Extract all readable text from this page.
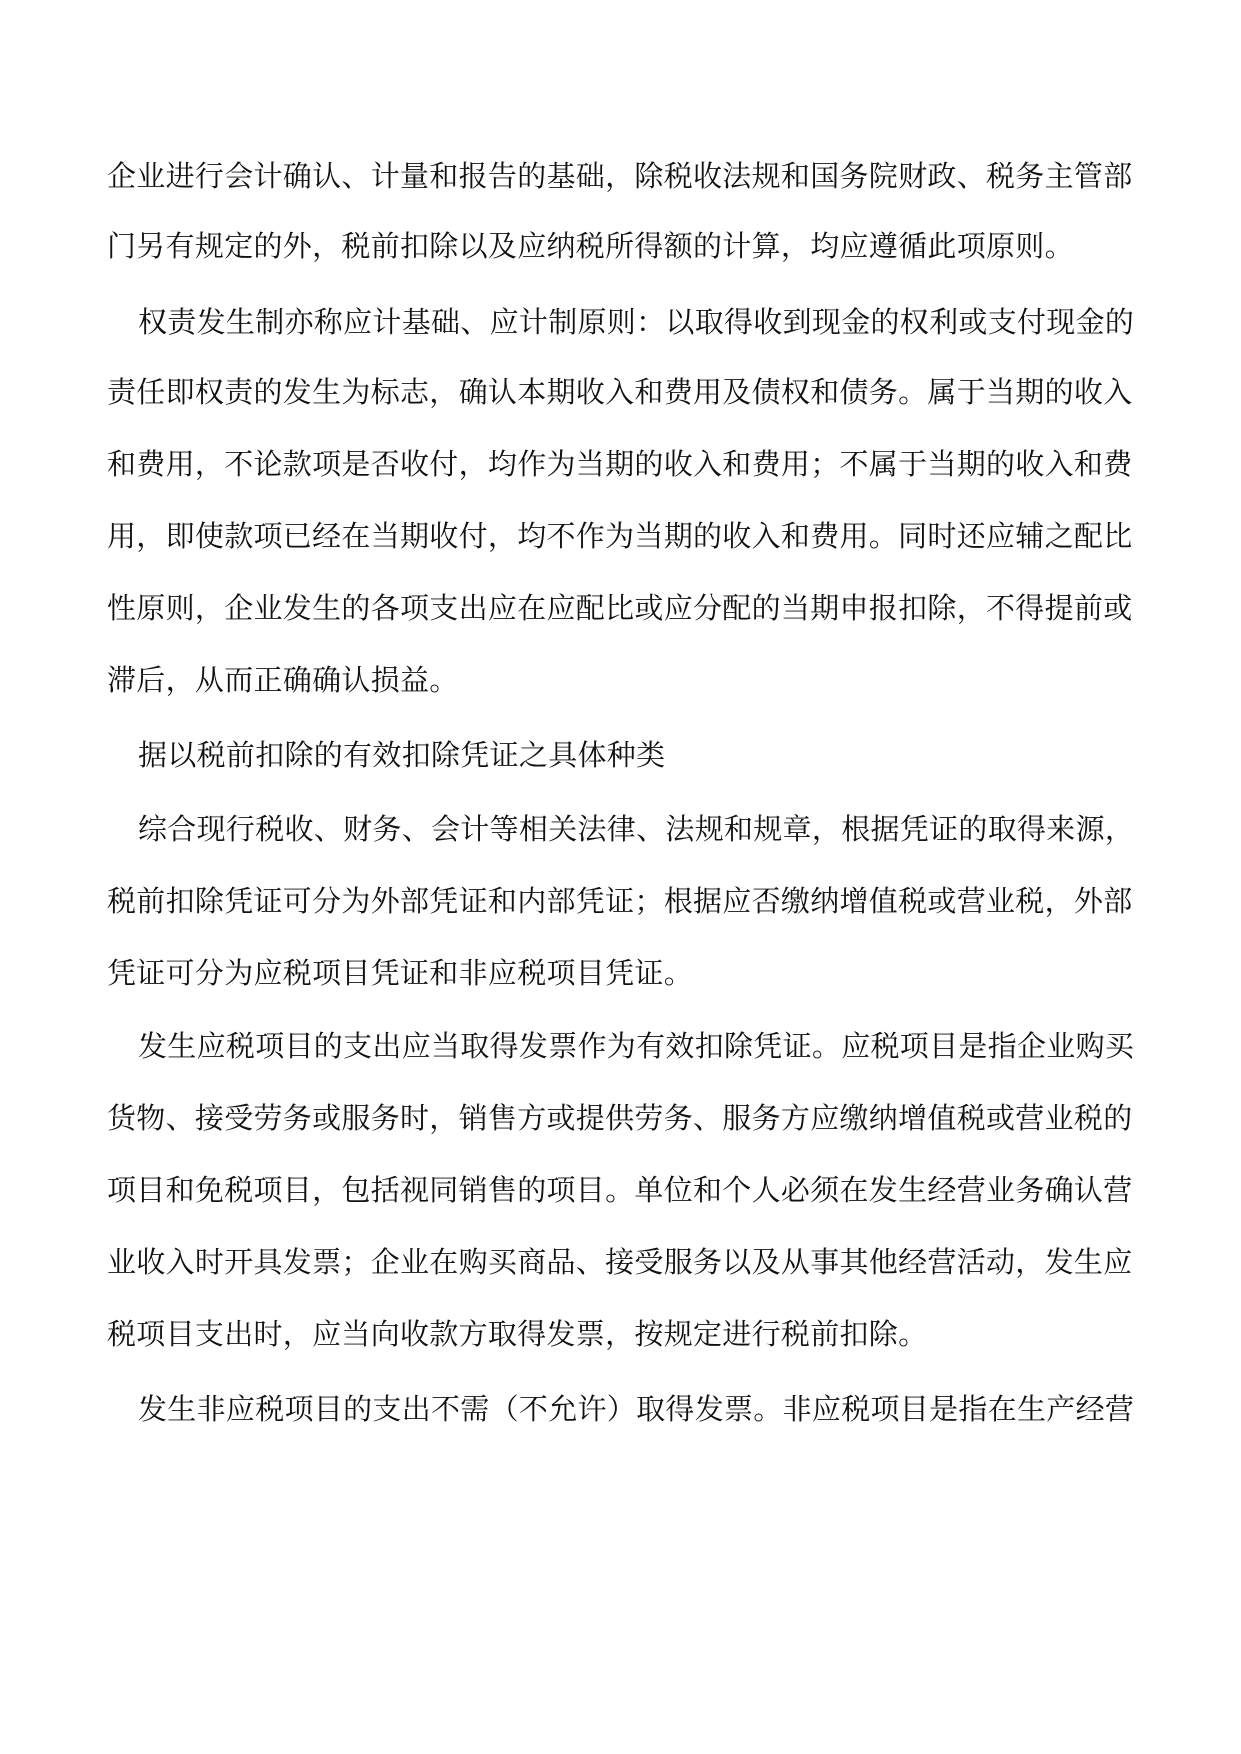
企业进行会计确认、计量和报告的基础，除税收法规和国务院财政、税务主管部
门另有规定的外，税前扣除以及应纳税所得额的计算，均应遵循此项原则。
权责发生制亦称应计基础、应计制原则：以取得收到现金的权利或支付现金的
责任即权责的发生为标志，确认本期收入和费用及债权和债务。属于当期的收入
和费用，不论款项是否收付，均作为当期的收入和费用；不属于当期的收入和费
用，即使款项已经在当期收付，均不作为当期的收入和费用。同时还应辅之配比
性原则，企业发生的各项支出应在应配比或应分配的当期申报扣除，不得提前或
滞后，从而正确确认损益。
据以税前扣除的有效扣除凭证之具体种类
综合现行税收、财务、会计等相关法律、法规和规章，根据凭证的取得来源，
税前扣除凭证可分为外部凭证和内部凭证；根据应否缴纳增值税或营业税，外部
凭证可分为应税项目凭证和非应税项目凭证。
发生应税项目的支出应当取得发票作为有效扣除凭证。应税项目是指企业购买
货物、接受劳务或服务时，销售方或提供劳务、服务方应缴纳增值税或营业税的
项目和免税项目，包括视同销售的项目。单位和个人必须在发生经营业务确认营
业收入时开具发票；企业在购买商品、接受服务以及从事其他经营活动，发生应
税项目支出时，应当向收款方取得发票，按规定进行税前扣除。
发生非应税项目的支出不需（不允许）取得发票。非应税项目是指在生产经营
